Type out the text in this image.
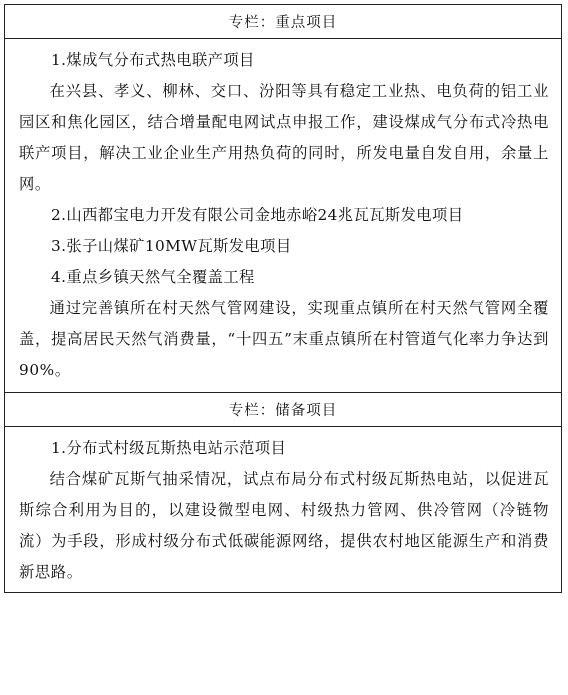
专栏：重点项目
1.煤成气分布式热电联产项目

在兴县、孝义、柳林、交口、汾阳等具有稳定工业热、电负荷的铝工业园区和焦化园区，结合增量配电网试点申报工作，建设煤成气分布式冷热电联产项目，解决工业企业生产用热负荷的同时，所发电量自发自用，余量上网。

2.山西都宝电力开发有限公司金地赤峪24兆瓦瓦斯发电项目
3.张子山煤矿10MW瓦斯发电项目
4.重点乡镇天然气全覆盖工程

通过完善镇所在村天然气管网建设，实现重点镇所在村天然气管网全覆盖，提高居民天然气消费量，“十四五”末重点镇所在村管道气化率力争达到90%。

专栏：储备项目
1.分布式村级瓦斯热电站示范项目

结合煤矿瓦斯气抽采情况，试点布局分布式村级瓦斯热电站，以促进瓦斯综合利用为目的，以建设微型电网、村级热力管网、供冷管网（冷链物流）为手段，形成村级分布式低碳能源网络，提供农村地区能源生产和消费新思路。
